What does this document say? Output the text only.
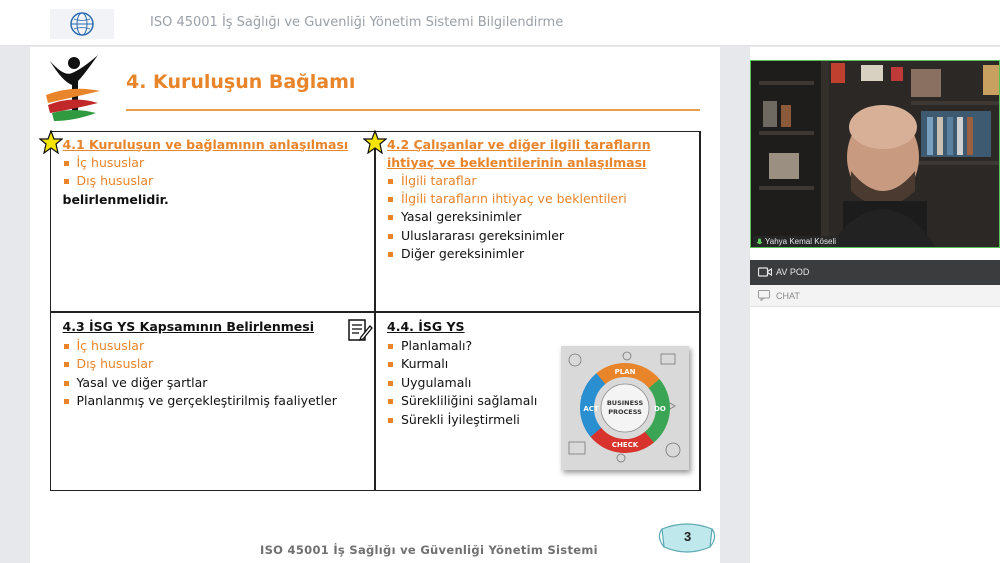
ISO 45001 İş Sağlığı ve Guvenliği Yönetim Sistemi Bilgilendirme
4. Kuruluşun Bağlamı
4.1 Kuruluşun ve bağlamının anlaşılması
İç hususlar
Dış hususlar
belirlenmelidir.
4.2 Çalışanlar ve diğer ilgili tarafların ihtiyaç ve beklentilerinin anlaşılması
İlgili taraflar
İlgili tarafların ihtiyaç ve beklentileri
Yasal gereksinimler
Uluslararası gereksinimler
Diğer gereksinimler
4.3 İSG YS Kapsamının Belirlenmesi
İç hususlar
Dış hususlar
Yasal ve diğer şartlar
Planlanmış ve gerçekleştirilmiş faaliyetler
4.4. İSG YS
Planlamalı?
Kurmalı
Uygulamalı
Sürekliliğini sağlamalı
Sürekli İyileştirmeli
BUSINESS
PROCESS
PLAN
DO
CHECK
ACT
ISO 45001 İş Sağlığı ve Güvenliği Yönetim Sistemi
3
Yahya Kemal Köseli
AV POD
CHAT
